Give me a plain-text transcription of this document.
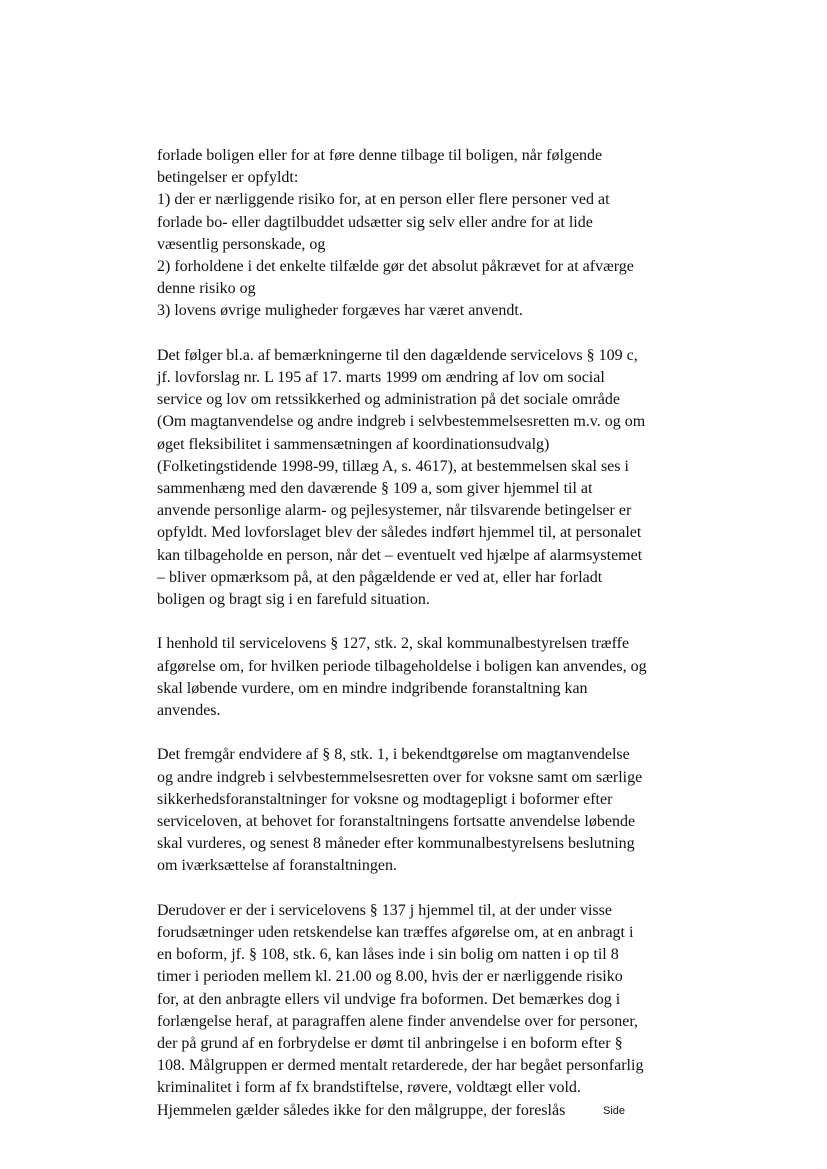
forlade boligen eller for at føre denne tilbage til boligen, når følgende
betingelser er opfyldt:
1) der er nærliggende risiko for, at en person eller flere personer ved at
forlade bo- eller dagtilbuddet udsætter sig selv eller andre for at lide
væsentlig personskade, og
2) forholdene i det enkelte tilfælde gør det absolut påkrævet for at afværge
denne risiko og
3) lovens øvrige muligheder forgæves har været anvendt.

Det følger bl.a. af bemærkningerne til den dagældende servicelovs § 109 c,
jf. lovforslag nr. L 195 af 17. marts 1999 om ændring af lov om social
service og lov om retssikkerhed og administration på det sociale område
(Om magtanvendelse og andre indgreb i selvbestemmelsesretten m.v. og om
øget fleksibilitet i sammensætningen af koordinationsudvalg)
(Folketingstidende 1998-99, tillæg A, s. 4617), at bestemmelsen skal ses i
sammenhæng med den daværende § 109 a, som giver hjemmel til at
anvende personlige alarm- og pejlesystemer, når tilsvarende betingelser er
opfyldt. Med lovforslaget blev der således indført hjemmel til, at personalet
kan tilbageholde en person, når det – eventuelt ved hjælpe af alarmsystemet
– bliver opmærksom på, at den pågældende er ved at, eller har forladt
boligen og bragt sig i en farefuld situation.

I henhold til servicelovens § 127, stk. 2, skal kommunalbestyrelsen træffe
afgørelse om, for hvilken periode tilbageholdelse i boligen kan anvendes, og
skal løbende vurdere, om en mindre indgribende foranstaltning kan
anvendes.

Det fremgår endvidere af § 8, stk. 1, i bekendtgørelse om magtanvendelse
og andre indgreb i selvbestemmelsesretten over for voksne samt om særlige
sikkerhedsforanstaltninger for voksne og modtagepligt i boformer efter
serviceloven, at behovet for foranstaltningens fortsatte anvendelse løbende
skal vurderes, og senest 8 måneder efter kommunalbestyrelsens beslutning
om iværksættelse af foranstaltningen.

Derudover er der i servicelovens § 137 j hjemmel til, at der under visse
forudsætninger uden retskendelse kan træffes afgørelse om, at en anbragt i
en boform, jf. § 108, stk. 6, kan låses inde i sin bolig om natten i op til 8
timer i perioden mellem kl. 21.00 og 8.00, hvis der er nærliggende risiko
for, at den anbragte ellers vil undvige fra boformen. Det bemærkes dog i
forlængelse heraf, at paragraffen alene finder anvendelse over for personer,
der på grund af en forbrydelse er dømt til anbringelse i en boform efter §
108. Målgruppen er dermed mentalt retarderede, der har begået personfarlig
kriminalitet i form af fx brandstiftelse, røvere, voldtægt eller vold.
Hjemmelen gælder således ikke for den målgruppe, der foreslås	Side
